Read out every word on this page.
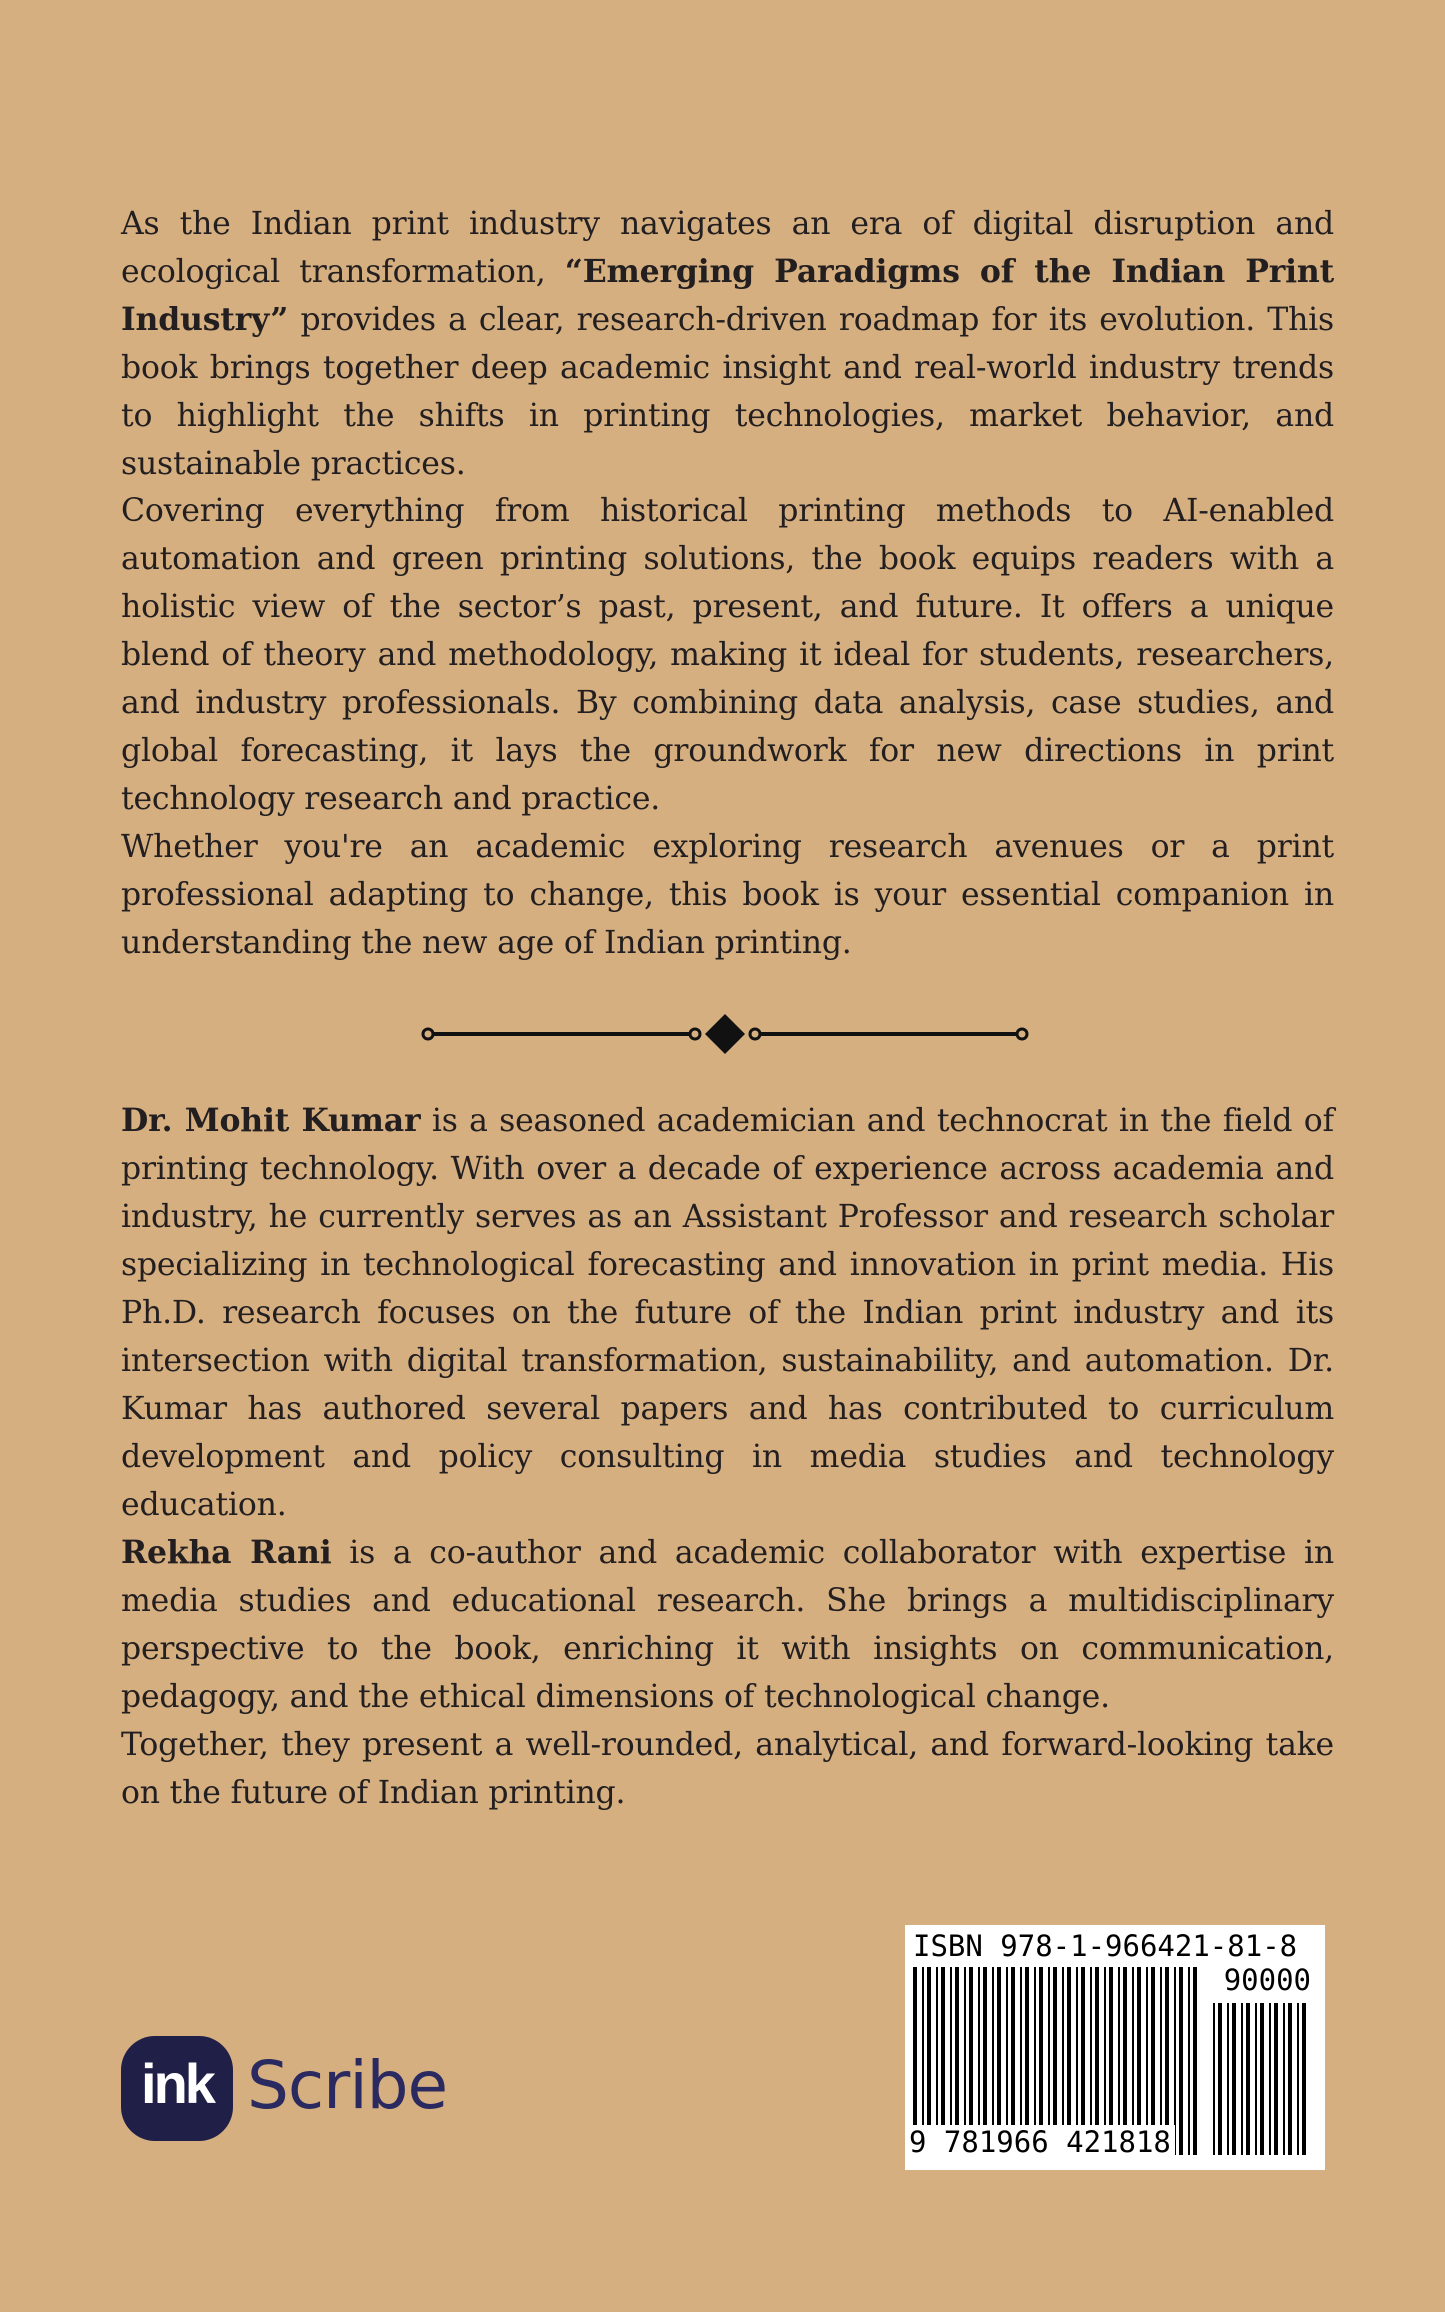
As the Indian print industry navigates an era of digital disruption and ecological transformation, “Emerging Paradigms of the Indian Print Industry” provides a clear, research-driven roadmap for its evolution. This book brings together deep academic insight and real-world industry trends to highlight the shifts in printing technologies, market behavior, and sustainable practices.

Covering everything from historical printing methods to AI-enabled automation and green printing solutions, the book equips readers with a holistic view of the sector’s past, present, and future. It offers a unique blend of theory and methodology, making it ideal for students, researchers, and industry professionals. By combining data analysis, case studies, and global forecasting, it lays the groundwork for new directions in print technology research and practice.

Whether you're an academic exploring research avenues or a print professional adapting to change, this book is your essential companion in understanding the new age of Indian printing.

Dr. Mohit Kumar is a seasoned academician and technocrat in the field of printing technology. With over a decade of experience across academia and industry, he currently serves as an Assistant Professor and research scholar specializing in technological forecasting and innovation in print media. His Ph.D. research focuses on the future of the Indian print industry and its intersection with digital transformation, sustainability, and automation. Dr. Kumar has authored several papers and has contributed to curriculum development and policy consulting in media studies and technology education.

Rekha Rani is a co-author and academic collaborator with expertise in media studies and educational research. She brings a multidisciplinary perspective to the book, enriching it with insights on communication, pedagogy, and the ethical dimensions of technological change.

Together, they present a well-rounded, analytical, and forward-looking take on the future of Indian printing.

ink Scribe
ISBN 978-1-966421-81-8
90000
9 781966 421818
